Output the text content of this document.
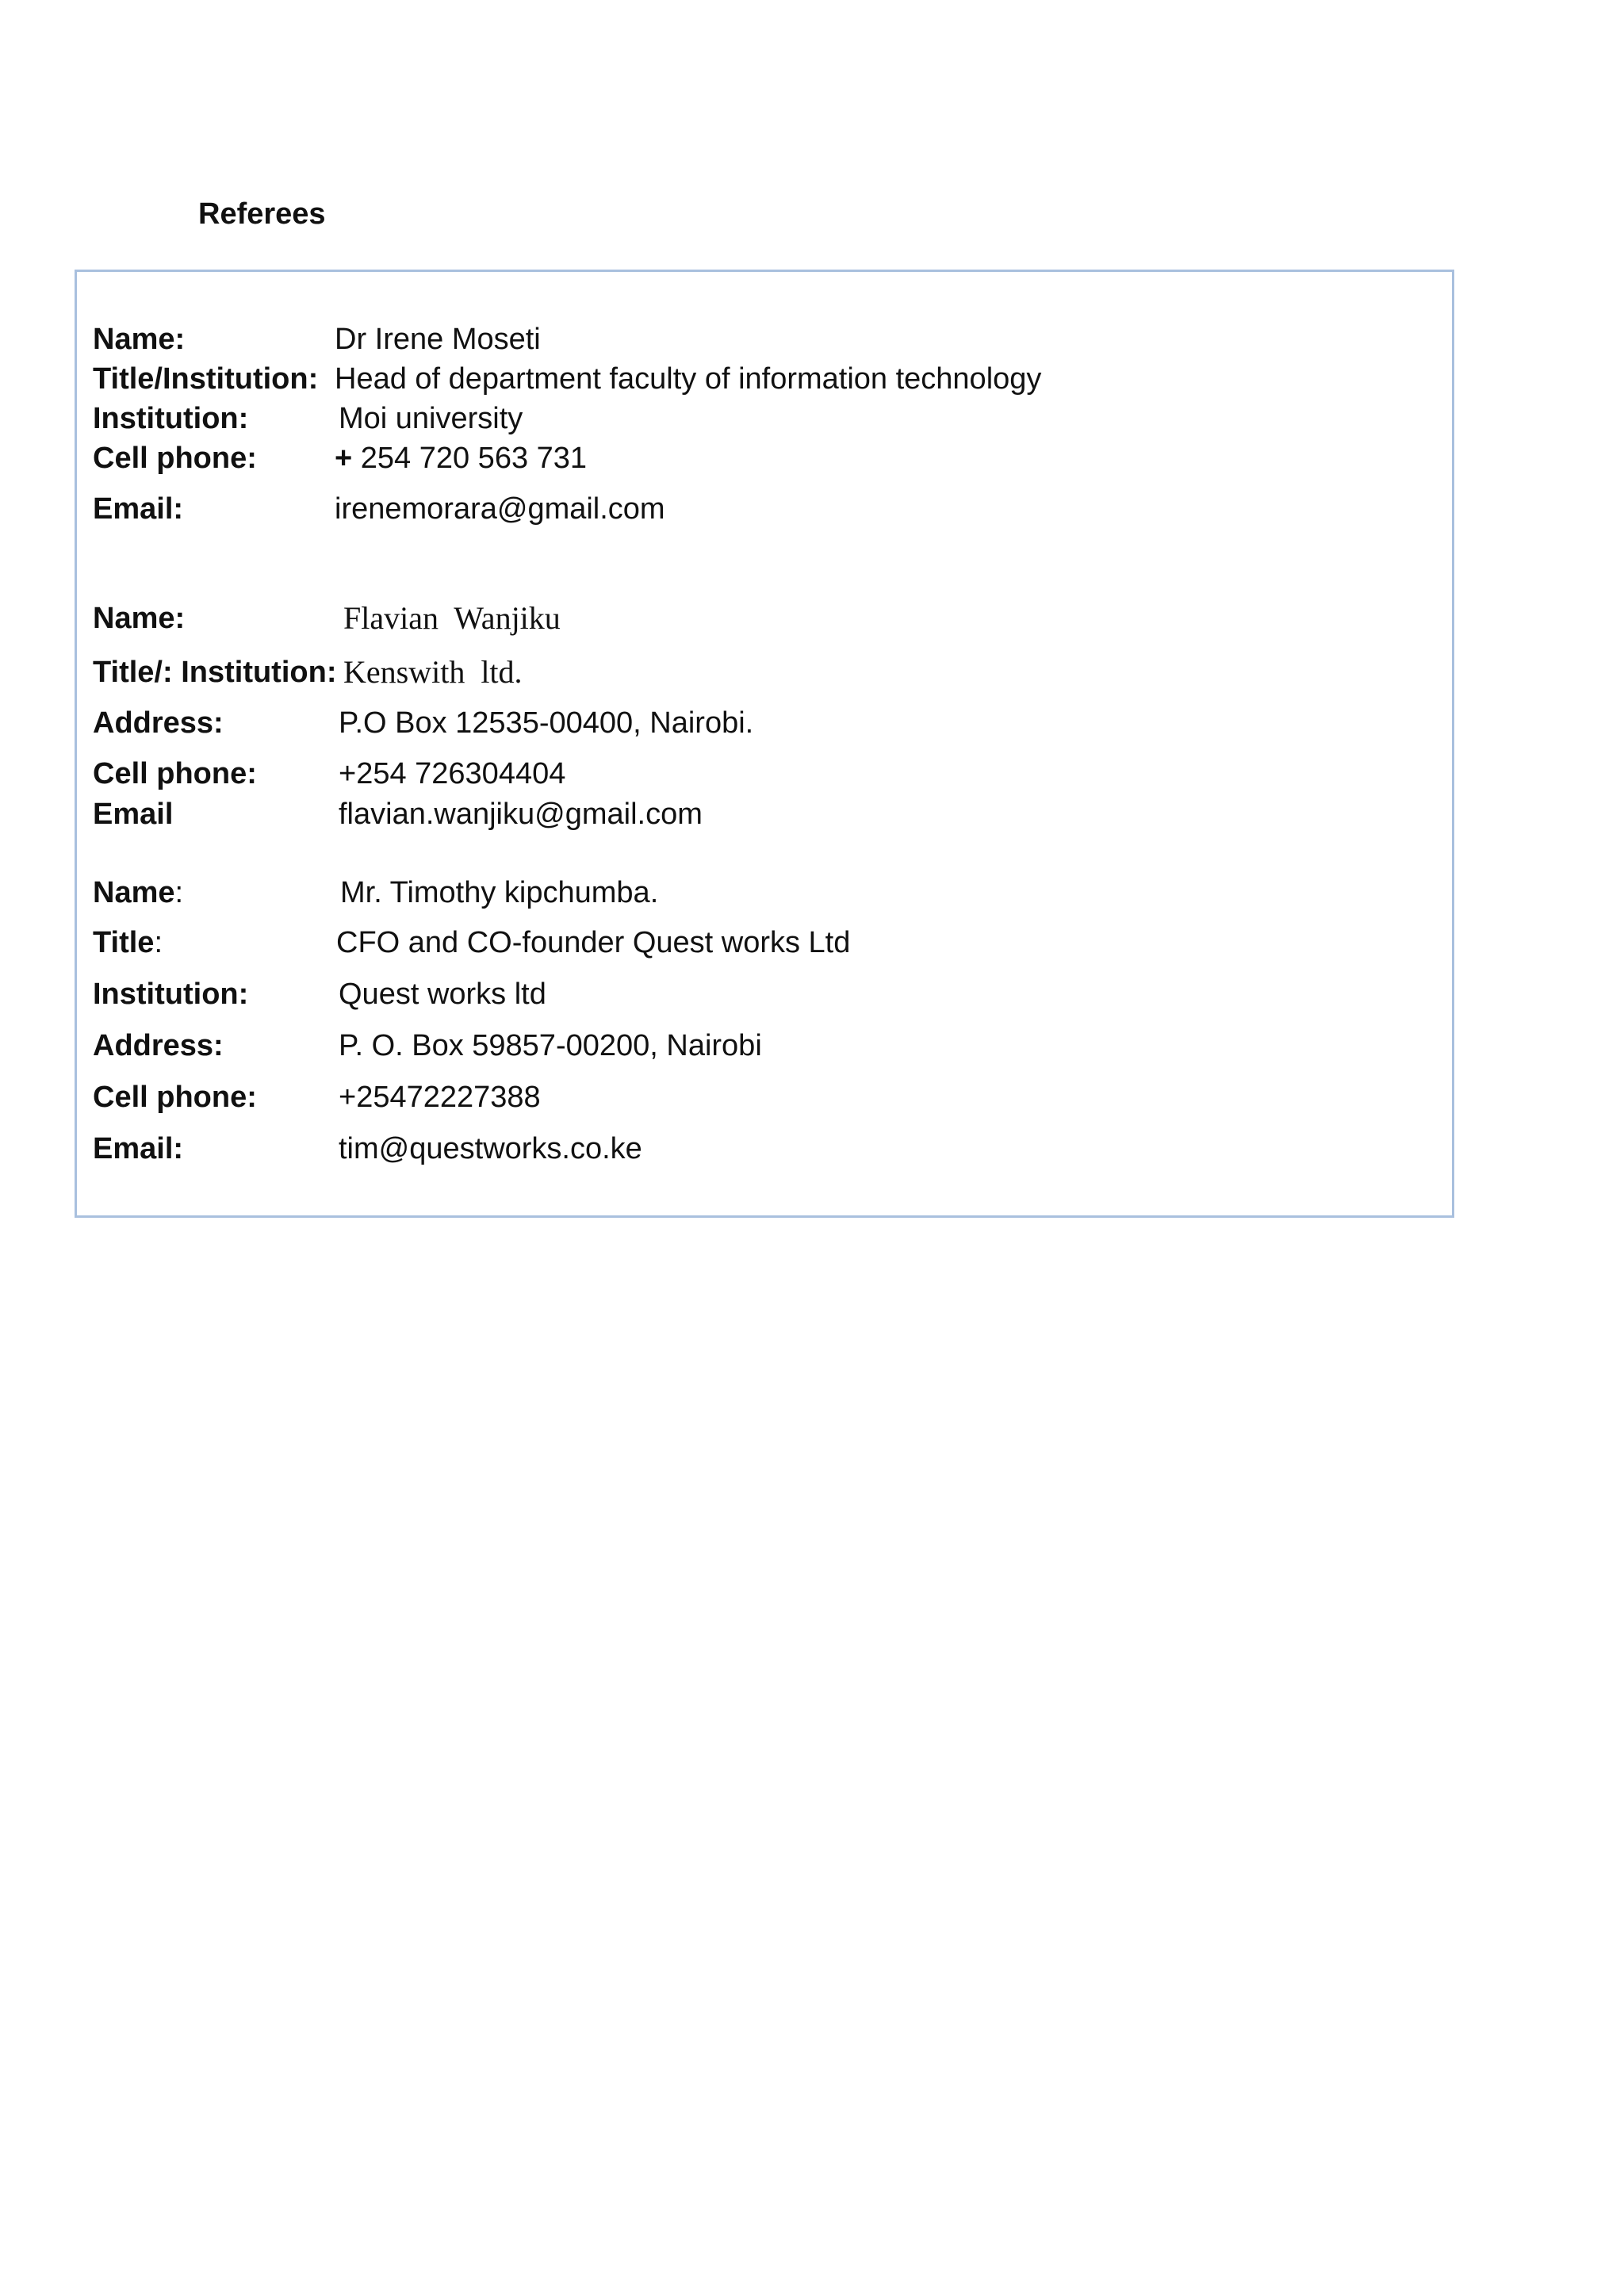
Referees
Name:	Dr Irene Moseti
Title/Institution: Head of department faculty of information technology
Institution:	Moi university
Cell phone:	+ 254 720 563 731
Email:	irenemorara@gmail.com
Name:	Flavian Wanjiku
Title/: Institution: Kenswith ltd.
Address:	P.O Box 12535-00400, Nairobi.
Cell phone:	+254 726304404
Email	flavian.wanjiku@gmail.com
Name:	Mr. Timothy kipchumba.
Title:	CFO and CO-founder Quest works Ltd
Institution:	Quest works ltd
Address:	P. O. Box 59857-00200, Nairobi
Cell phone:	+25472227388
Email:	tim@questworks.co.ke
